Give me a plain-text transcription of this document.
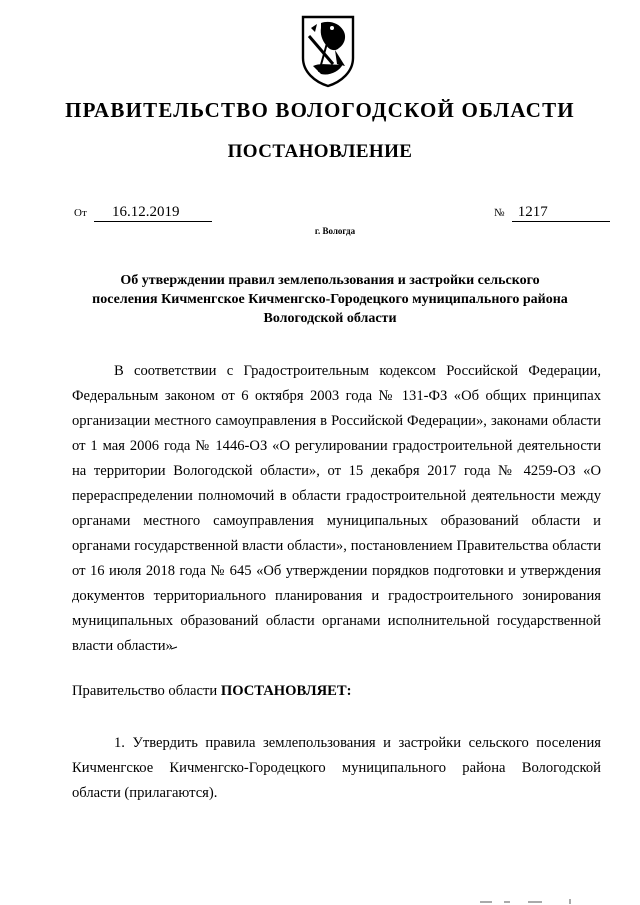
ПРАВИТЕЛЬСТВО ВОЛОГОДСКОЙ ОБЛАСТИ
ПОСТАНОВЛЕНИЕ
От 16.12.2019	№ 1217
г. Вологда
Об утверждении правил землепользования и застройки сельского поселения Кичменгское Кичменгско-Городецкого муниципального района Вологодской области

В соответствии с Градостроительным кодексом Российской Федерации, Федеральным законом от 6 октября 2003 года № 131-ФЗ «Об общих принципах организации местного самоуправления в Российской Федерации», законами области от 1 мая 2006 года № 1446-ОЗ «О регулировании градостроительной деятельности на территории Вологодской области», от 15 декабря 2017 года № 4259-ОЗ «О перераспределении полномочий в области градостроительной деятельности между органами местного самоуправления муниципальных образований области и органами государственной власти области», постановлением Правительства области от 16 июля 2018 года № 645 «Об утверждении порядков подготовки и утверждения документов территориального планирования и градостроительного зонирования муниципальных образований области органами исполнительной государственной власти области»

Правительство области ПОСТАНОВЛЯЕТ:

1. Утвердить правила землепользования и застройки сельского поселения Кичменгское Кичменгско-Городецкого муниципального района Вологодской области (прилагаются).
